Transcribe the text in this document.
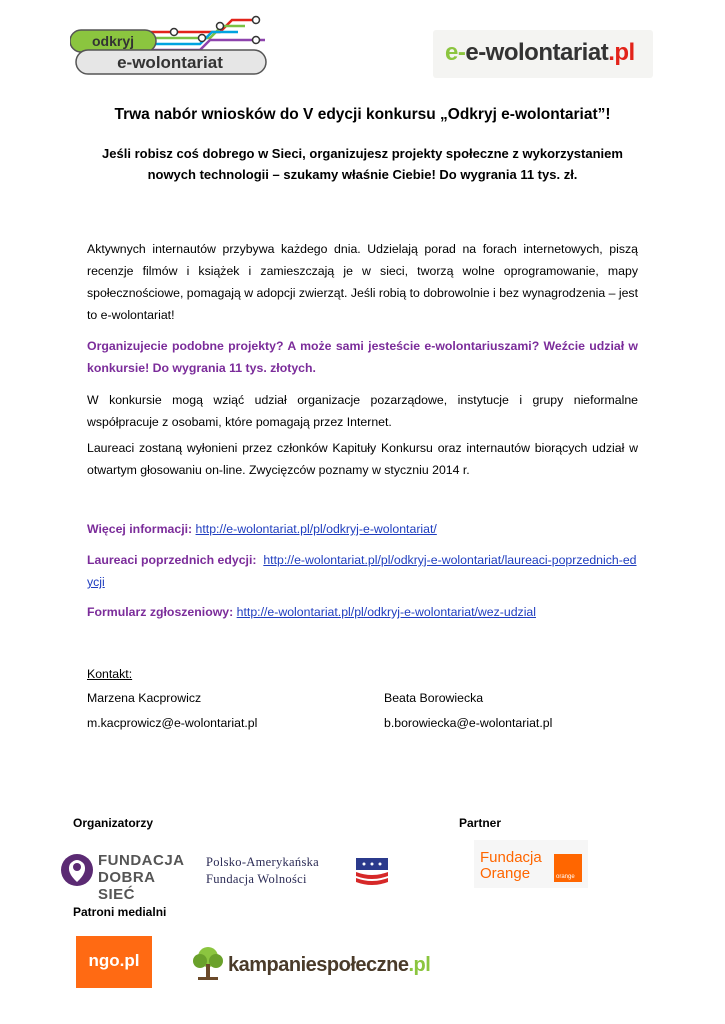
odkryj
e-wolontariat	e-e-wolontariat.pl
Trwa nabór wniosków do V edycji konkursu „Odkryj e-wolontariat”!
Jeśli robisz coś dobrego w Sieci, organizujesz projekty społeczne z wykorzystaniem nowych technologii – szukamy właśnie Ciebie! Do wygrania 11 tys. zł.
Aktywnych internautów przybywa każdego dnia. Udzielają porad na forach internetowych, piszą recenzje filmów i książek i zamieszczają je w sieci, tworzą wolne oprogramowanie, mapy społecznościowe, pomagają w adopcji zwierząt. Jeśli robią to dobrowolnie i bez wynagrodzenia – jest to e-wolontariat!
Organizujecie podobne projekty? A może sami jesteście e-wolontariuszami? Weźcie udział w konkursie! Do wygrania 11 tys. złotych.
W konkursie mogą wziąć udział organizacje pozarządowe, instytucje i grupy nieformalne współpracuje z osobami, które pomagają przez Internet.
Laureaci zostaną wyłonieni przez członków Kapituły Konkursu oraz internautów biorących udział w otwartym głosowaniu on-line. Zwycięzców poznamy w styczniu 2014 r.
Więcej informacji: http://e-wolontariat.pl/pl/odkryj-e-wolontariat/
Laureaci poprzednich edycji: http://e-wolontariat.pl/pl/odkryj-e-wolontariat/laureaci-poprzednich-edycji
Formularz zgłoszeniowy: http://e-wolontariat.pl/pl/odkryj-e-wolontariat/wez-udzial
Kontakt:
Marzena Kacprowicz
m.kacprowicz@e-wolontariat.pl
Beata Borowiecka
b.borowiecka@e-wolontariat.pl
Organizatorzy	Partner
FUNDACJA
DOBRA SIEĆ
Polsko-Amerykańska
Fundacja Wolności
Fundacja
Orange	orange
Patroni medialni
ngo.pl	kampaniespołeczne.pl
